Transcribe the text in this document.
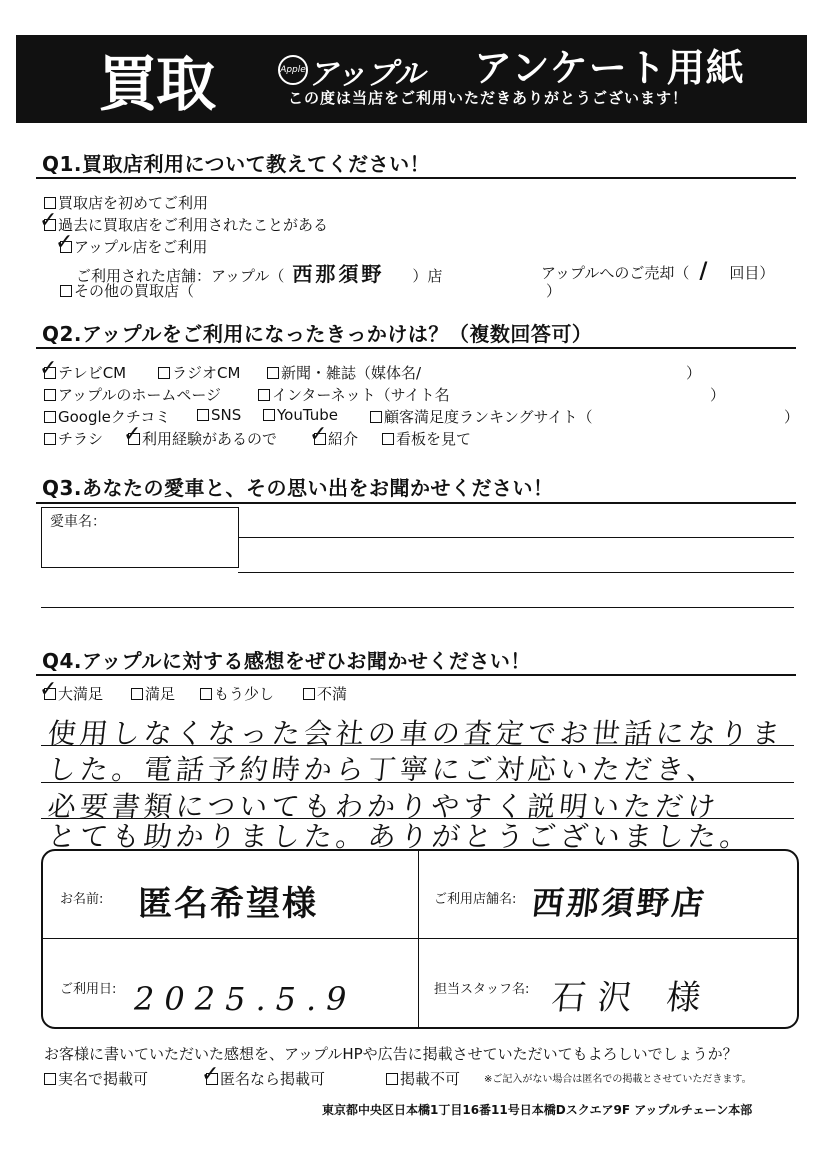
買取	Apple アップル アンケート用紙
この度は当店をご利用いただきありがとうございます！
Q1.買取店利用について教えてください！
買取店を初めてご利用
✓ 過去に買取店をご利用されたことがある
✓ アップル店をご利用
ご利用された店舗：アップル（ 西那須野 ）店	アップルへのご売却（ / 回目）
その他の買取店（	）
Q2.アップルをご利用になったきっかけは？（複数回答可）
✓ テレビCM	ラジオCM	新聞・雑誌（媒体名/	）
アップルのホームページ	インターネット（サイト名	）
Googleクチコミ	SNS	YouTube	顧客満足度ランキングサイト（	）
チラシ ✓ 利用経験があるので ✓ 紹介	看板を見て
Q3.あなたの愛車と、その思い出をお聞かせください！
愛車名：
Q4.アップルに対する感想をぜひお聞かせください！
✓ 大満足	満足	もう少し	不満
使用しなくなった会社の車の査定でお世話になりま
した。電話予約時から丁寧にご対応いただき、
必要書類についてもわかりやすく説明いただけ
とても助かりました。ありがとうございました。
お名前: 匿名希望様	ご利用店舗名: 西那須野店
ご利用日: 2025.5.9	担当スタッフ名: 石沢 様
お客様に書いていただいた感想を、アップルHPや広告に掲載させていただいてもよろしいでしょうか？
実名で掲載可 ✓ 匿名なら掲載可	掲載不可 ※ご記入がない場合は匿名での掲載とさせていただきます。
東京都中央区日本橋1丁目16番11号日本橋Dスクエア9F アップルチェーン本部
